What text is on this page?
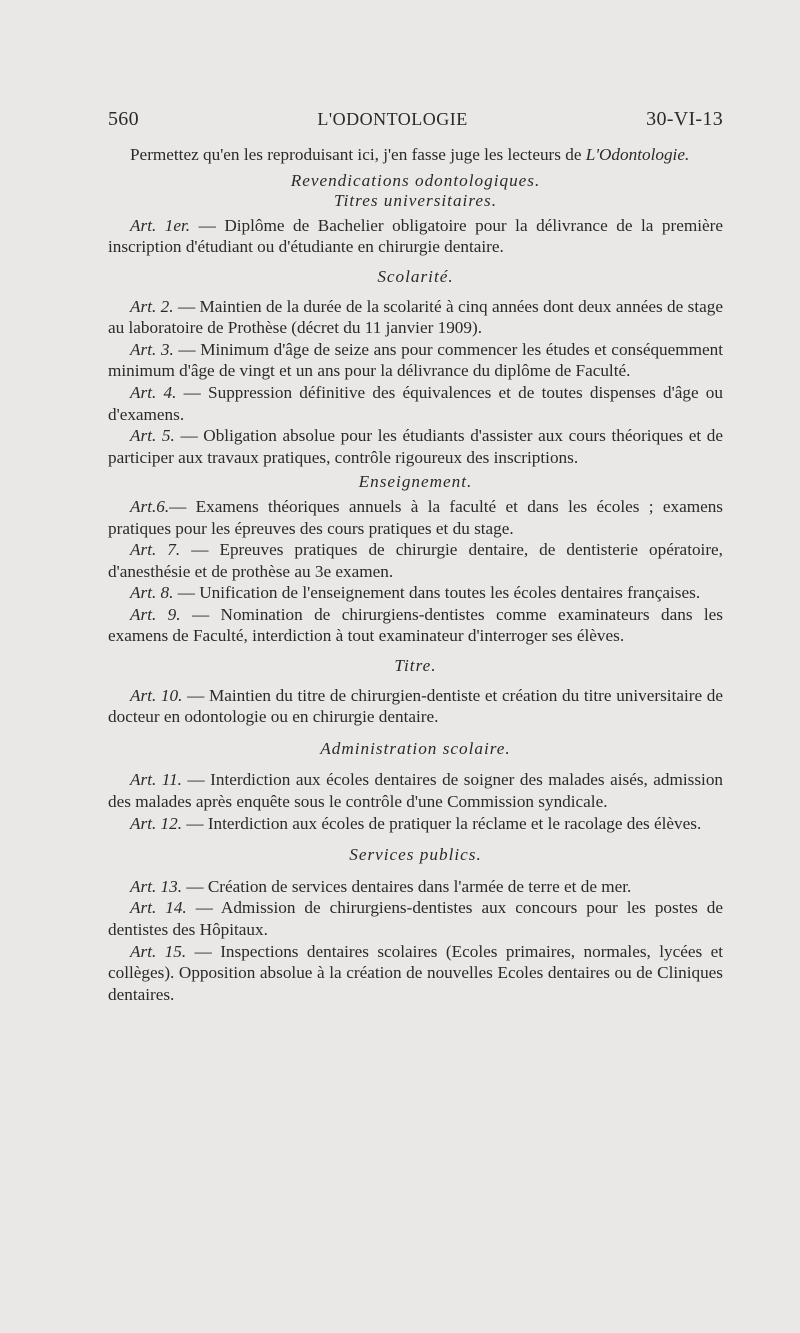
560	L'ODONTOLOGIE	30-VI-13

Permettez qu'en les reproduisant ici, j'en fasse juge les lecteurs de L'Odontologie.

Revendications odontologiques.
Titres universitaires.

Art. 1er. — Diplôme de Bachelier obligatoire pour la délivrance de la première inscription d'étudiant ou d'étudiante en chirurgie dentaire.

Scolarité.

Art. 2. — Maintien de la durée de la scolarité à cinq années dont deux années de stage au laboratoire de Prothèse (décret du 11 janvier 1909).

Art. 3. — Minimum d'âge de seize ans pour commencer les études et conséquemment minimum d'âge de vingt et un ans pour la délivrance du diplôme de Faculté.

Art. 4. — Suppression définitive des équivalences et de toutes dispenses d'âge ou d'examens.

Art. 5. — Obligation absolue pour les étudiants d'assister aux cours théoriques et de participer aux travaux pratiques, contrôle rigoureux des inscriptions.

Enseignement.

Art.6.— Examens théoriques annuels à la faculté et dans les écoles ; examens pratiques pour les épreuves des cours pratiques et du stage.

Art. 7. — Epreuves pratiques de chirurgie dentaire, de dentisterie opératoire, d'anesthésie et de prothèse au 3e examen.

Art. 8. — Unification de l'enseignement dans toutes les écoles dentaires françaises.

Art. 9. — Nomination de chirurgiens-dentistes comme examinateurs dans les examens de Faculté, interdiction à tout examinateur d'interroger ses élèves.

Titre.

Art. 10. — Maintien du titre de chirurgien-dentiste et création du titre universitaire de docteur en odontologie ou en chirurgie dentaire.

Administration scolaire.

Art. 11. — Interdiction aux écoles dentaires de soigner des malades aisés, admission des malades après enquête sous le contrôle d'une Commission syndicale.

Art. 12. — Interdiction aux écoles de pratiquer la réclame et le racolage des élèves.

Services publics.

Art. 13. — Création de services dentaires dans l'armée de terre et de mer.

Art. 14. — Admission de chirurgiens-dentistes aux concours pour les postes de dentistes des Hôpitaux.

Art. 15. — Inspections dentaires scolaires (Ecoles primaires, normales, lycées et collèges). Opposition absolue à la création de nouvelles Ecoles dentaires ou de Cliniques dentaires.
